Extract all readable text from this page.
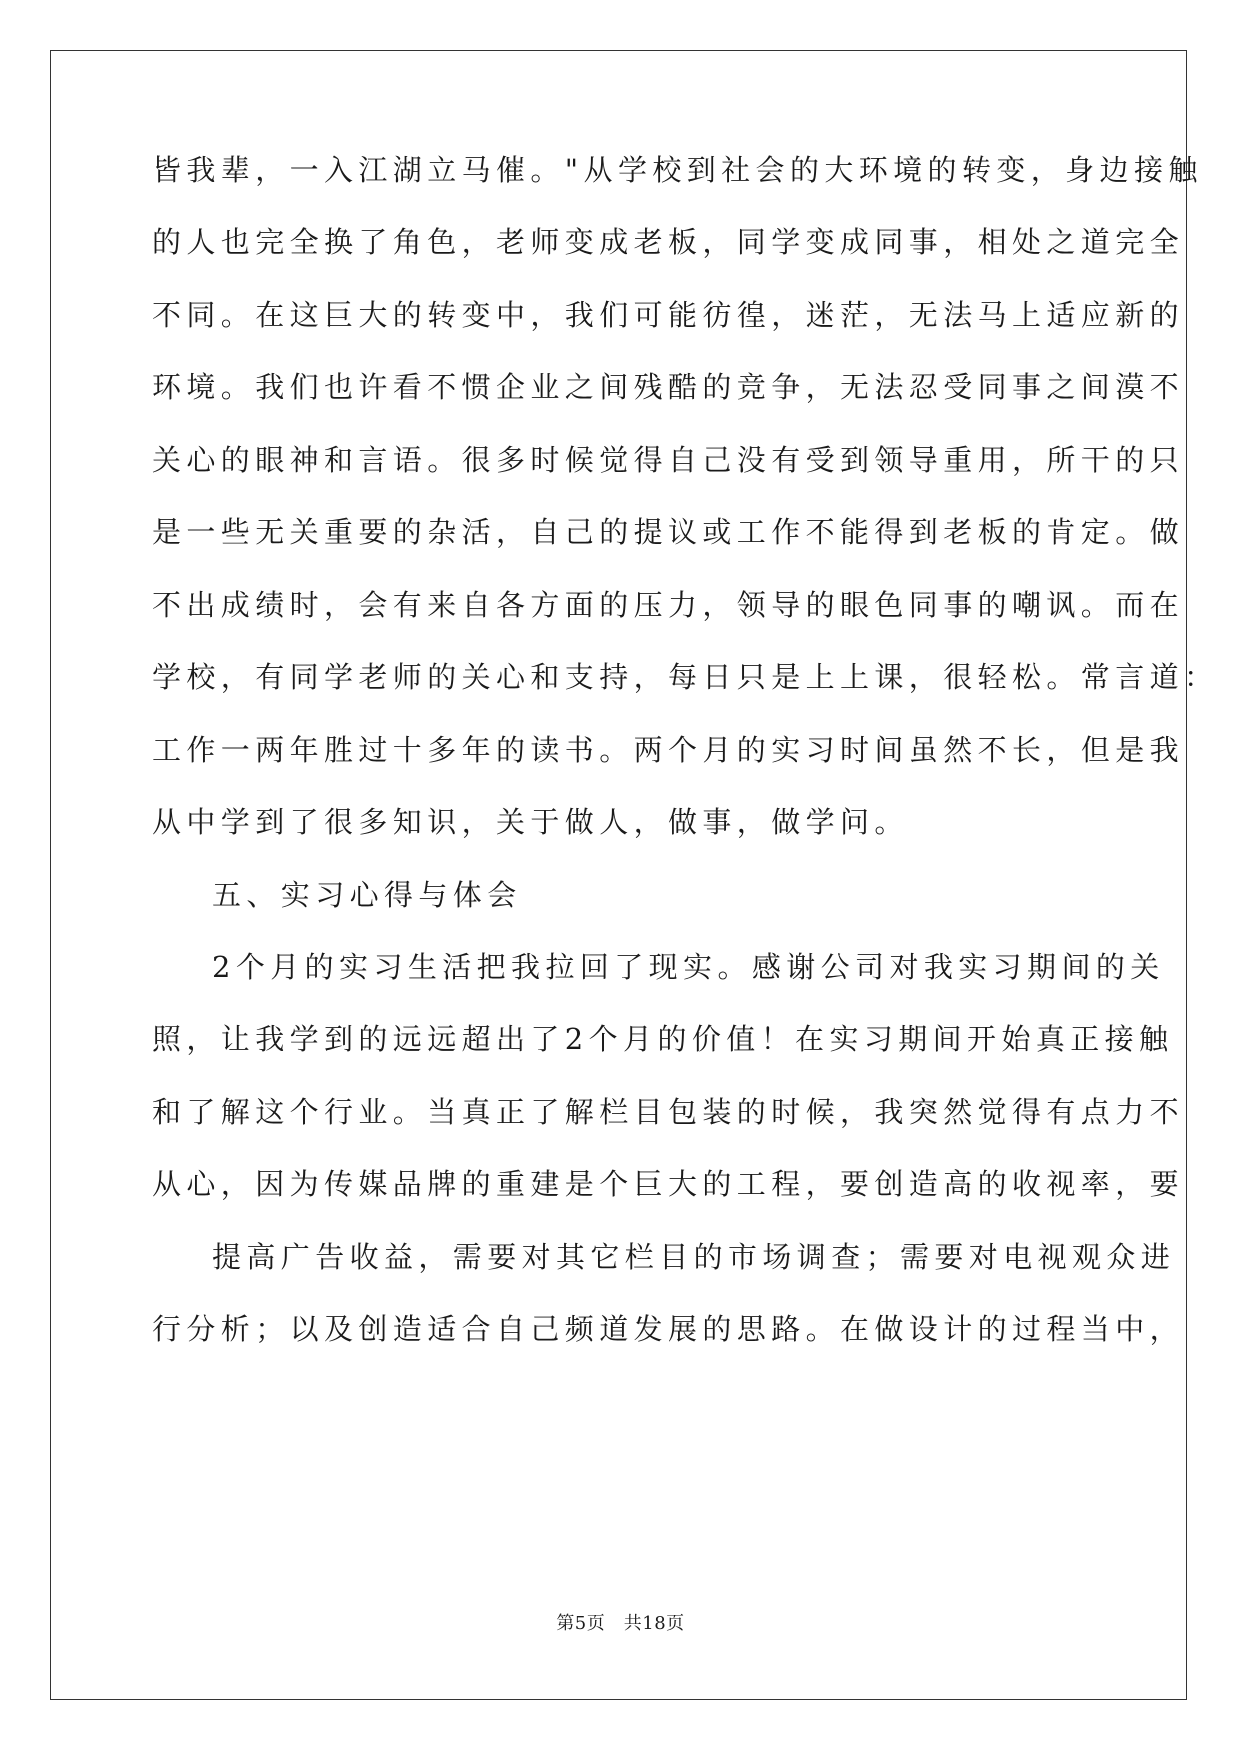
皆我辈，一入江湖立马催。"从学校到社会的大环境的转变，身边接触
的人也完全换了角色，老师变成老板，同学变成同事，相处之道完全
不同。在这巨大的转变中，我们可能彷徨，迷茫，无法马上适应新的
环境。我们也许看不惯企业之间残酷的竞争，无法忍受同事之间漠不
关心的眼神和言语。很多时候觉得自己没有受到领导重用，所干的只
是一些无关重要的杂活，自己的提议或工作不能得到老板的肯定。做
不出成绩时，会有来自各方面的压力，领导的眼色同事的嘲讽。而在
学校，有同学老师的关心和支持，每日只是上上课，很轻松。常言道：
工作一两年胜过十多年的读书。两个月的实习时间虽然不长，但是我
从中学到了很多知识，关于做人，做事，做学问。
五、实习心得与体会
2个月的实习生活把我拉回了现实。感谢公司对我实习期间的关
照，让我学到的远远超出了2个月的价值！在实习期间开始真正接触
和了解这个行业。当真正了解栏目包装的时候，我突然觉得有点力不
从心，因为传媒品牌的重建是个巨大的工程，要创造高的收视率，要
提高广告收益，需要对其它栏目的市场调查；需要对电视观众进
行分析；以及创造适合自己频道发展的思路。在做设计的过程当中，
第5页　共18页
